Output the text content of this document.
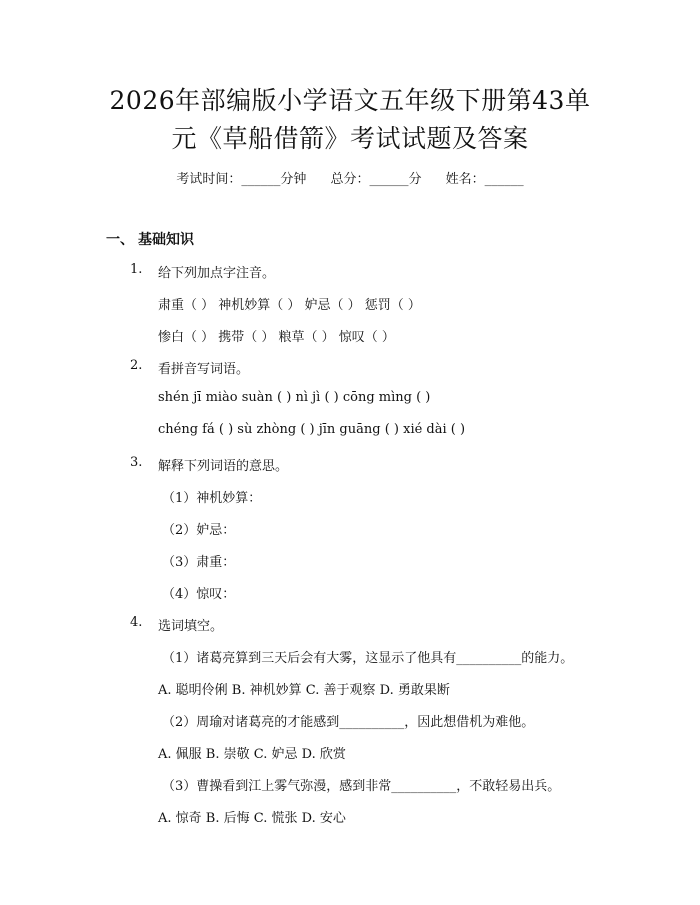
2026年部编版小学语文五年级下册第43单
元《草船借箭》考试试题及答案
考试时间：______分钟 总分：______分 姓名：______
一、 基础知识
1. 给下列加点字注音。
肃重（ ） 神机妙算（ ） 妒忌（ ） 惩罚（ ）
惨白（ ） 携带（ ） 粮草（ ） 惊叹（ ）
2. 看拼音写词语。
shén jī miào suàn ( ) nì jì ( ) cōng mìng ( )
chéng fá ( ) sù zhòng ( ) jīn guāng ( ) xié dài ( )
3. 解释下列词语的意思。
（1）神机妙算：
（2）妒忌：
（3）肃重：
（4）惊叹：
4. 选词填空。
（1）诸葛亮算到三天后会有大雾，这显示了他具有__________的能力。
A. 聪明伶俐 B. 神机妙算 C. 善于观察 D. 勇敢果断
（2）周瑜对诸葛亮的才能感到__________，因此想借机为难他。
A. 佩服 B. 崇敬 C. 妒忌 D. 欣赏
（3）曹操看到江上雾气弥漫，感到非常__________，不敢轻易出兵。
A. 惊奇 B. 后悔 C. 慌张 D. 安心
